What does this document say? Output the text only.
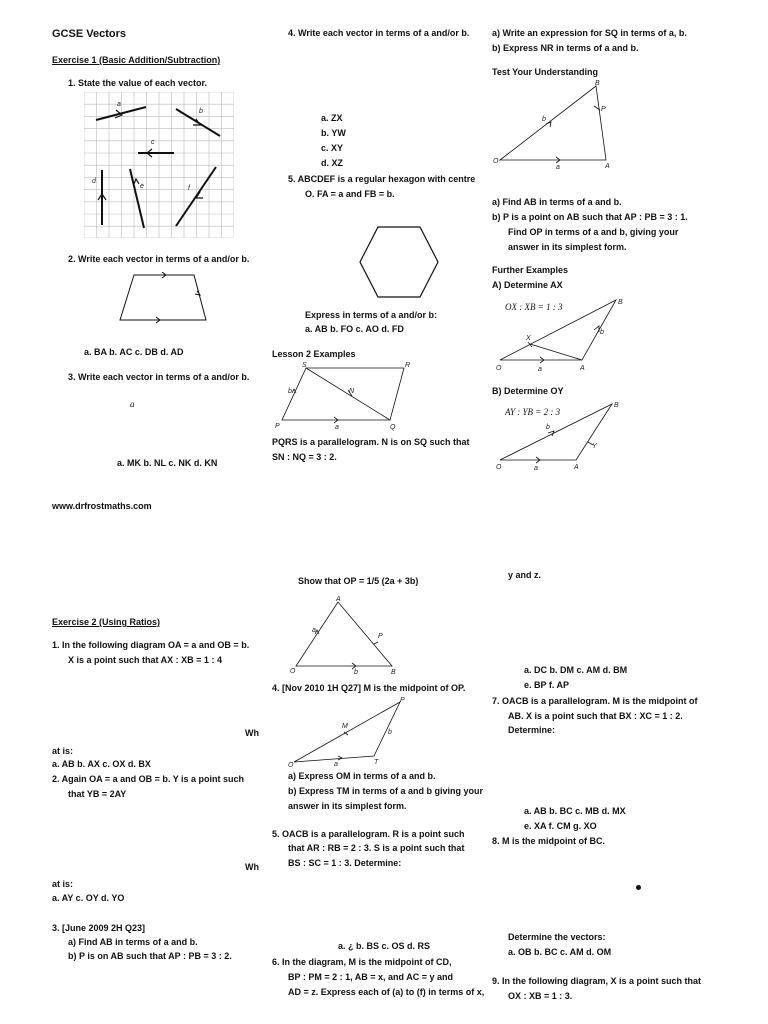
GCSE Vectors
Exercise 1 (Basic Addition/Subtraction)
1. State the value of each vector.
a
b
c
d
e	f
2. Write each vector in terms of a and/or b.
a. BA b. AC c. DB d. AD
3. Write each vector in terms of a and/or b.
a
a. MK b. NL c. NK d. KN
www.drfrostmaths.com
Exercise 2 (Using Ratios)
1. In the following diagram OA = a and OB = b.
X is a point such that AX : XB = 1 : 4
Wh
at is:
a. AB b. AX c. OX d. BX
2. Again OA = a and OB = b. Y is a point such
that YB = 2AY
Wh
at is:
a. AY c. OY d. YO
3. [June 2009 2H Q23]
a) Find AB in terms of a and b.
b) P is on AB such that AP : PB = 3 : 2.
4. Write each vector in terms of a and/or b.
a. ZX
b. YW
c. XY
d. XZ
5. ABCDEF is a regular hexagon with centre
O. FA = a and FB = b.
Express in terms of a and/or b:
a. AB b. FO c. AO d. FD
Lesson 2 Examples
S	R
P	Q
N
a
b
PQRS is a parallelogram. N is on SQ such that
SN : NQ = 3 : 2.
Show that OP = 1/5 (2a + 3b)
A
O	B
P
a
b
4. [Nov 2010 1H Q27] M is the midpoint of OP.
P
M
O	T
a
b
a) Express OM in terms of a and b.
b) Express TM in terms of a and b giving your
answer in its simplest form.
5. OACB is a parallelogram. R is a point such
that AR : RB = 2 : 3. S is a point such that
BS : SC = 1 : 3. Determine:
a. ¿ b. BS c. OS d. RS
6. In the diagram, M is the midpoint of CD,
BP : PM = 2 : 1, AB = x, and AC = y and
AD = z. Express each of (a) to (f) in terms of x,
a) Write an expression for SQ in terms of a, b.
b) Express NR in terms of a and b.
Test Your Understanding
B
P
b
a
O
A
a) Find AB in terms of a and b.
b) P is a point on AB such that AP : PB = 3 : 1.
Find OP in terms of a and b, giving your
answer in its simplest form.
Further Examples
A) Determine AX
OX : XB = 1 : 3	B
X
b
O	a	A
B) Determine OY
AY : YB = 2 : 3
B
b
Y
O	a	A
y and z.
a. DC b. DM c. AM d. BM
e. BP f. AP
7. OACB is a parallelogram. M is the midpoint of
AB. X is a point such that BX : XC = 1 : 2.
Determine:
a. AB b. BC c. MB d. MX
e. XA f. CM g. XO
8. M is the midpoint of BC.
Determine the vectors:
a. OB b. BC c. AM d. OM
9. In the following diagram, X is a point such that
OX : XB = 1 : 3.
